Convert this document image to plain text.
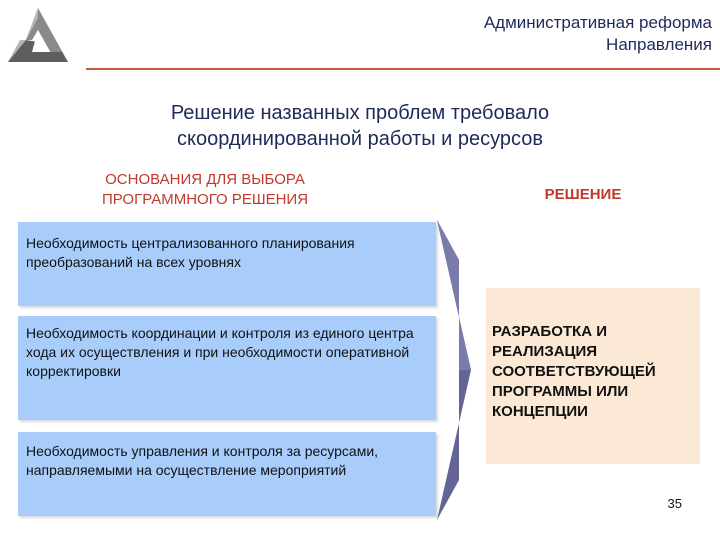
Административная реформа
Направления
Решение названных проблем требовало
скоординированной работы и ресурсов
ОСНОВАНИЯ ДЛЯ ВЫБОРА
ПРОГРАММНОГО РЕШЕНИЯ	РЕШЕНИЕ
Необходимость централизованного планирования преобразований на всех уровнях
Необходимость координации и контроля из единого центра хода их осуществления и при необходимости оперативной корректировки
Необходимость управления и контроля за ресурсами, направляемыми на осуществление мероприятий
РАЗРАБОТКА И
РЕАЛИЗАЦИЯ
СООТВЕТСТВУЮЩЕЙ
ПРОГРАММЫ ИЛИ
КОНЦЕПЦИИ
35
